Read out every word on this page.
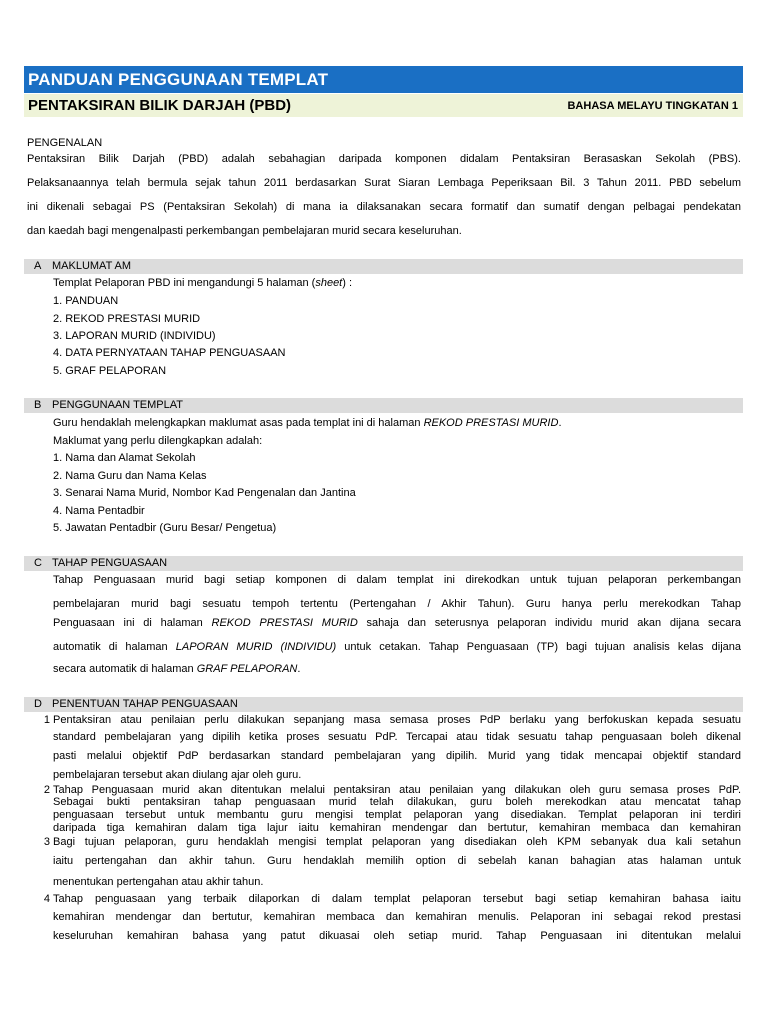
PANDUAN PENGGUNAAN TEMPLAT
PENTAKSIRAN BILIK DARJAH (PBD)	BAHASA MELAYU TINGKATAN 1
PENGENALAN
Pentaksiran Bilik Darjah (PBD) adalah sebahagian daripada komponen didalam Pentaksiran Berasaskan Sekolah (PBS).
Pelaksanaannya telah bermula sejak tahun 2011 berdasarkan Surat Siaran Lembaga Peperiksaan Bil. 3 Tahun 2011. PBD sebelum
ini dikenali sebagai PS (Pentaksiran Sekolah) di mana ia dilaksanakan secara formatif dan sumatif dengan pelbagai pendekatan
dan kaedah bagi mengenalpasti perkembangan pembelajaran murid secara keseluruhan.
A MAKLUMAT AM
Templat Pelaporan PBD ini mengandungi 5 halaman (sheet) :
1. PANDUAN
2. REKOD PRESTASI MURID
3. LAPORAN MURID (INDIVIDU)
4. DATA PERNYATAAN TAHAP PENGUASAAN
5. GRAF PELAPORAN
B PENGGUNAAN TEMPLAT
Guru hendaklah melengkapkan maklumat asas pada templat ini di halaman REKOD PRESTASI MURID.
Maklumat yang perlu dilengkapkan adalah:
1. Nama dan Alamat Sekolah
2. Nama Guru dan Nama Kelas
3. Senarai Nama Murid, Nombor Kad Pengenalan dan Jantina
4. Nama Pentadbir
5. Jawatan Pentadbir (Guru Besar/ Pengetua)
C TAHAP PENGUASAAN
Tahap Penguasaan murid bagi setiap komponen di dalam templat ini direkodkan untuk tujuan pelaporan perkembangan
pembelajaran murid bagi sesuatu tempoh tertentu (Pertengahan / Akhir Tahun). Guru hanya perlu merekodkan Tahap
Penguasaan ini di halaman REKOD PRESTASI MURID sahaja dan seterusnya pelaporan individu murid akan dijana secara
automatik di halaman LAPORAN MURID (INDIVIDU) untuk cetakan. Tahap Penguasaan (TP) bagi tujuan analisis kelas dijana
secara automatik di halaman GRAF PELAPORAN.
D PENENTUAN TAHAP PENGUASAAN
1 Pentaksiran atau penilaian perlu dilakukan sepanjang masa semasa proses PdP berlaku yang berfokuskan kepada sesuatu
standard pembelajaran yang dipilih ketika proses sesuatu PdP. Tercapai atau tidak sesuatu tahap penguasaan boleh dikenal
pasti melalui objektif PdP berdasarkan standard pembelajaran yang dipilih. Murid yang tidak mencapai objektif standard
pembelajaran tersebut akan diulang ajar oleh guru.
2 Tahap Penguasaan murid akan ditentukan melalui pentaksiran atau penilaian yang dilakukan oleh guru semasa proses PdP.
Sebagai bukti pentaksiran tahap penguasaan murid telah dilakukan, guru boleh merekodkan atau mencatat tahap
penguasaan tersebut untuk membantu guru mengisi templat pelaporan yang disediakan. Templat pelaporan ini terdiri
daripada tiga kemahiran dalam tiga lajur iaitu kemahiran mendengar dan bertutur, kemahiran membaca dan kemahiran
3 Bagi tujuan pelaporan, guru hendaklah mengisi templat pelaporan yang disediakan oleh KPM sebanyak dua kali setahun
iaitu pertengahan dan akhir tahun. Guru hendaklah memilih option di sebelah kanan bahagian atas halaman untuk
menentukan pertengahan atau akhir tahun.
4 Tahap penguasaan yang terbaik dilaporkan di dalam templat pelaporan tersebut bagi setiap kemahiran bahasa iaitu
kemahiran mendengar dan bertutur, kemahiran membaca dan kemahiran menulis. Pelaporan ini sebagai rekod prestasi
keseluruhan kemahiran bahasa yang patut dikuasai oleh setiap murid. Tahap Penguasaan ini ditentukan melalui
